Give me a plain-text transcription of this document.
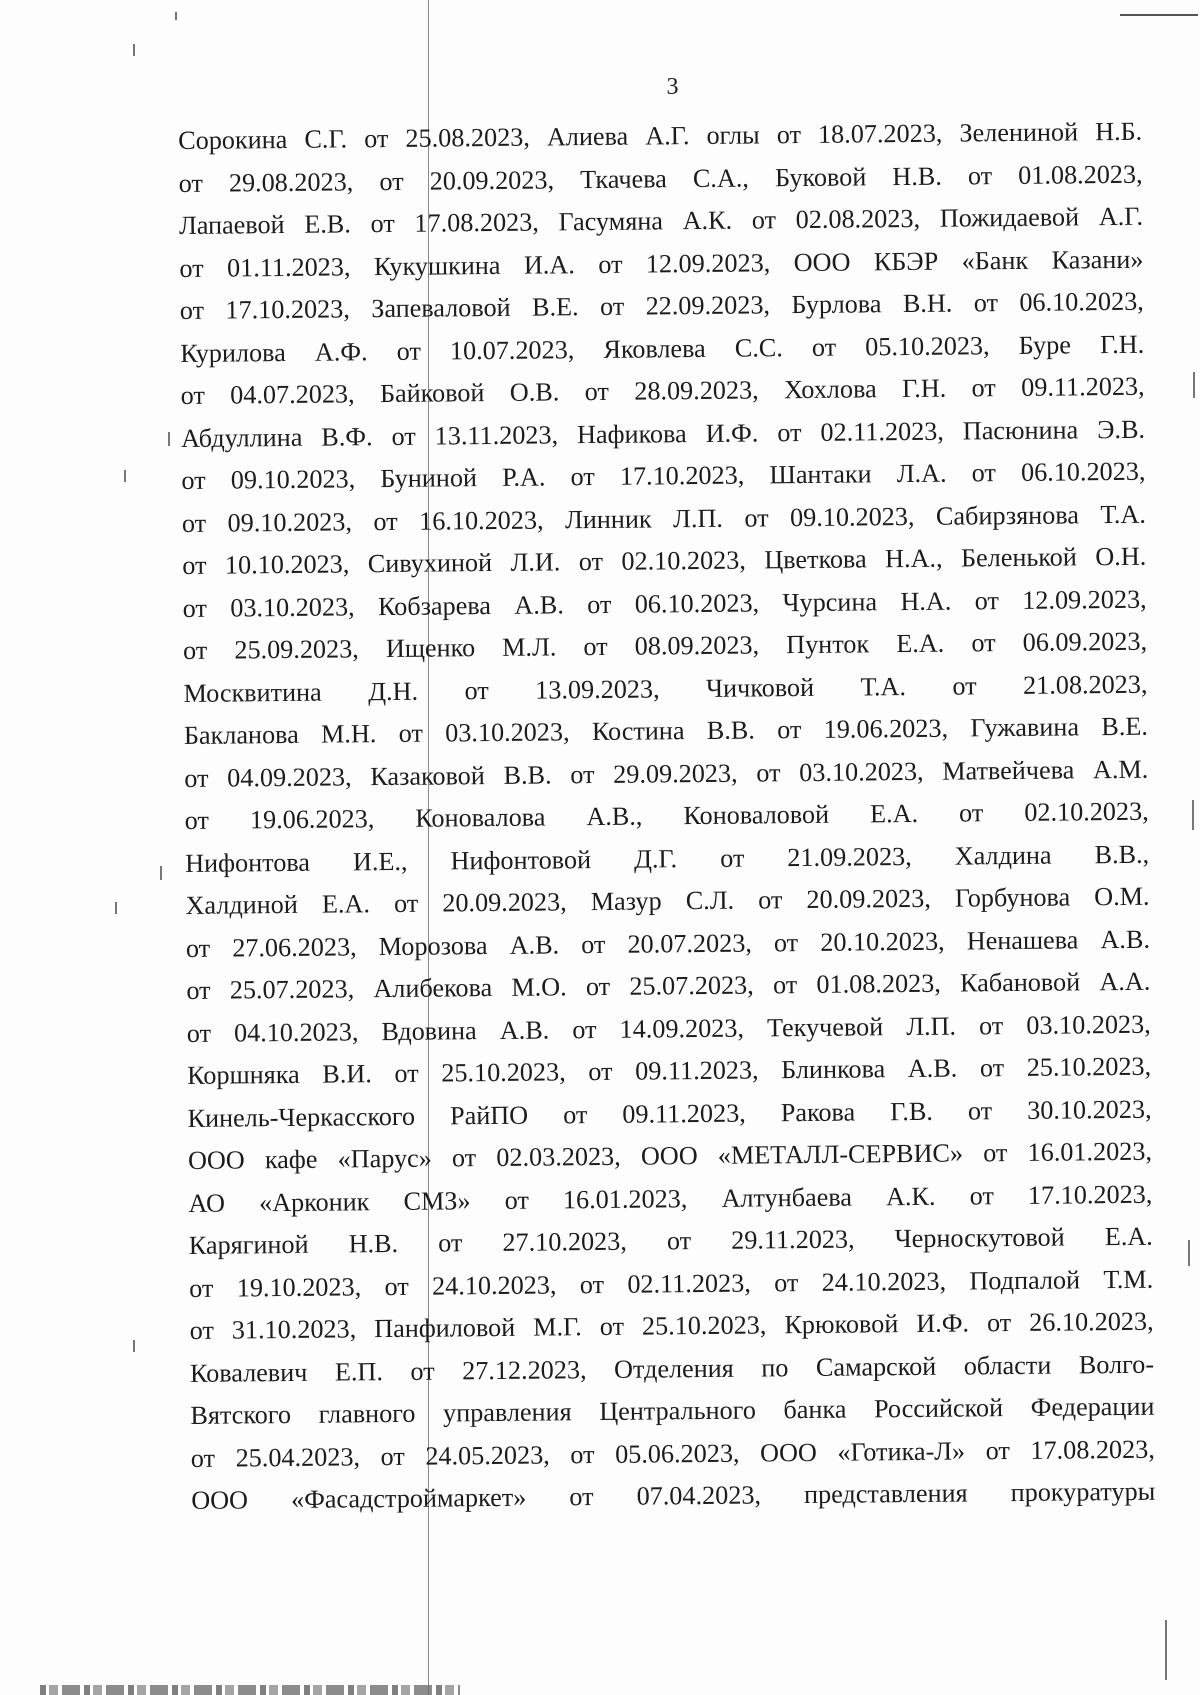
3
Сорокина С.Г. от 25.08.2023, Алиева А.Г. оглы от 18.07.2023, Зелениной Н.Б.
от 29.08.2023, от 20.09.2023, Ткачева С.А., Буковой Н.В. от 01.08.2023,
Лапаевой Е.В. от 17.08.2023, Гасумяна А.К. от 02.08.2023, Пожидаевой А.Г.
от 01.11.2023, Кукушкина И.А. от 12.09.2023, ООО КБЭР «Банк Казани»
от 17.10.2023, Запеваловой В.Е. от 22.09.2023, Бурлова В.Н. от 06.10.2023,
Курилова А.Ф. от 10.07.2023, Яковлева С.С. от 05.10.2023, Буре Г.Н.
от 04.07.2023, Байковой О.В. от 28.09.2023, Хохлова Г.Н. от 09.11.2023,
Абдуллина В.Ф. от 13.11.2023, Нафикова И.Ф. от 02.11.2023, Пасюнина Э.В.
от 09.10.2023, Буниной Р.А. от 17.10.2023, Шантаки Л.А. от 06.10.2023,
от 09.10.2023, от 16.10.2023, Линник Л.П. от 09.10.2023, Сабирзянова Т.А.
от 10.10.2023, Сивухиной Л.И. от 02.10.2023, Цветкова Н.А., Беленькой О.Н.
от 03.10.2023, Кобзарева А.В. от 06.10.2023, Чурсина Н.А. от 12.09.2023,
от 25.09.2023, Ищенко М.Л. от 08.09.2023, Пунток Е.А. от 06.09.2023,
Москвитина Д.Н. от 13.09.2023, Чичковой Т.А. от 21.08.2023,
Бакланова М.Н. от 03.10.2023, Костина В.В. от 19.06.2023, Гужавина В.Е.
от 04.09.2023, Казаковой В.В. от 29.09.2023, от 03.10.2023, Матвейчева А.М.
от 19.06.2023, Коновалова А.В., Коноваловой Е.А. от 02.10.2023,
Нифонтова И.Е., Нифонтовой Д.Г. от 21.09.2023, Халдина В.В.,
Халдиной Е.А. от 20.09.2023, Мазур С.Л. от 20.09.2023, Горбунова О.М.
от 27.06.2023, Морозова А.В. от 20.07.2023, от 20.10.2023, Ненашева А.В.
от 25.07.2023, Алибекова М.О. от 25.07.2023, от 01.08.2023, Кабановой А.А.
от 04.10.2023, Вдовина А.В. от 14.09.2023, Текучевой Л.П. от 03.10.2023,
Коршняка В.И. от 25.10.2023, от 09.11.2023, Блинкова А.В. от 25.10.2023,
Кинель-Черкасского РайПО от 09.11.2023, Ракова Г.В. от 30.10.2023,
ООО кафе «Парус» от 02.03.2023, ООО «МЕТАЛЛ-СЕРВИС» от 16.01.2023,
АО «Арконик СМЗ» от 16.01.2023, Алтунбаева А.К. от 17.10.2023,
Карягиной Н.В. от 27.10.2023, от 29.11.2023, Черноскутовой Е.А.
от 19.10.2023, от 24.10.2023, от 02.11.2023, от 24.10.2023, Подпалой Т.М.
от 31.10.2023, Панфиловой М.Г. от 25.10.2023, Крюковой И.Ф. от 26.10.2023,
Ковалевич Е.П. от 27.12.2023, Отделения по Самарской области Волго-
Вятского главного управления Центрального банка Российской Федерации
от 25.04.2023, от 24.05.2023, от 05.06.2023, ООО «Готика-Л» от 17.08.2023,
ООО «Фасадстроймаркет» от 07.04.2023, представления прокуратуры
